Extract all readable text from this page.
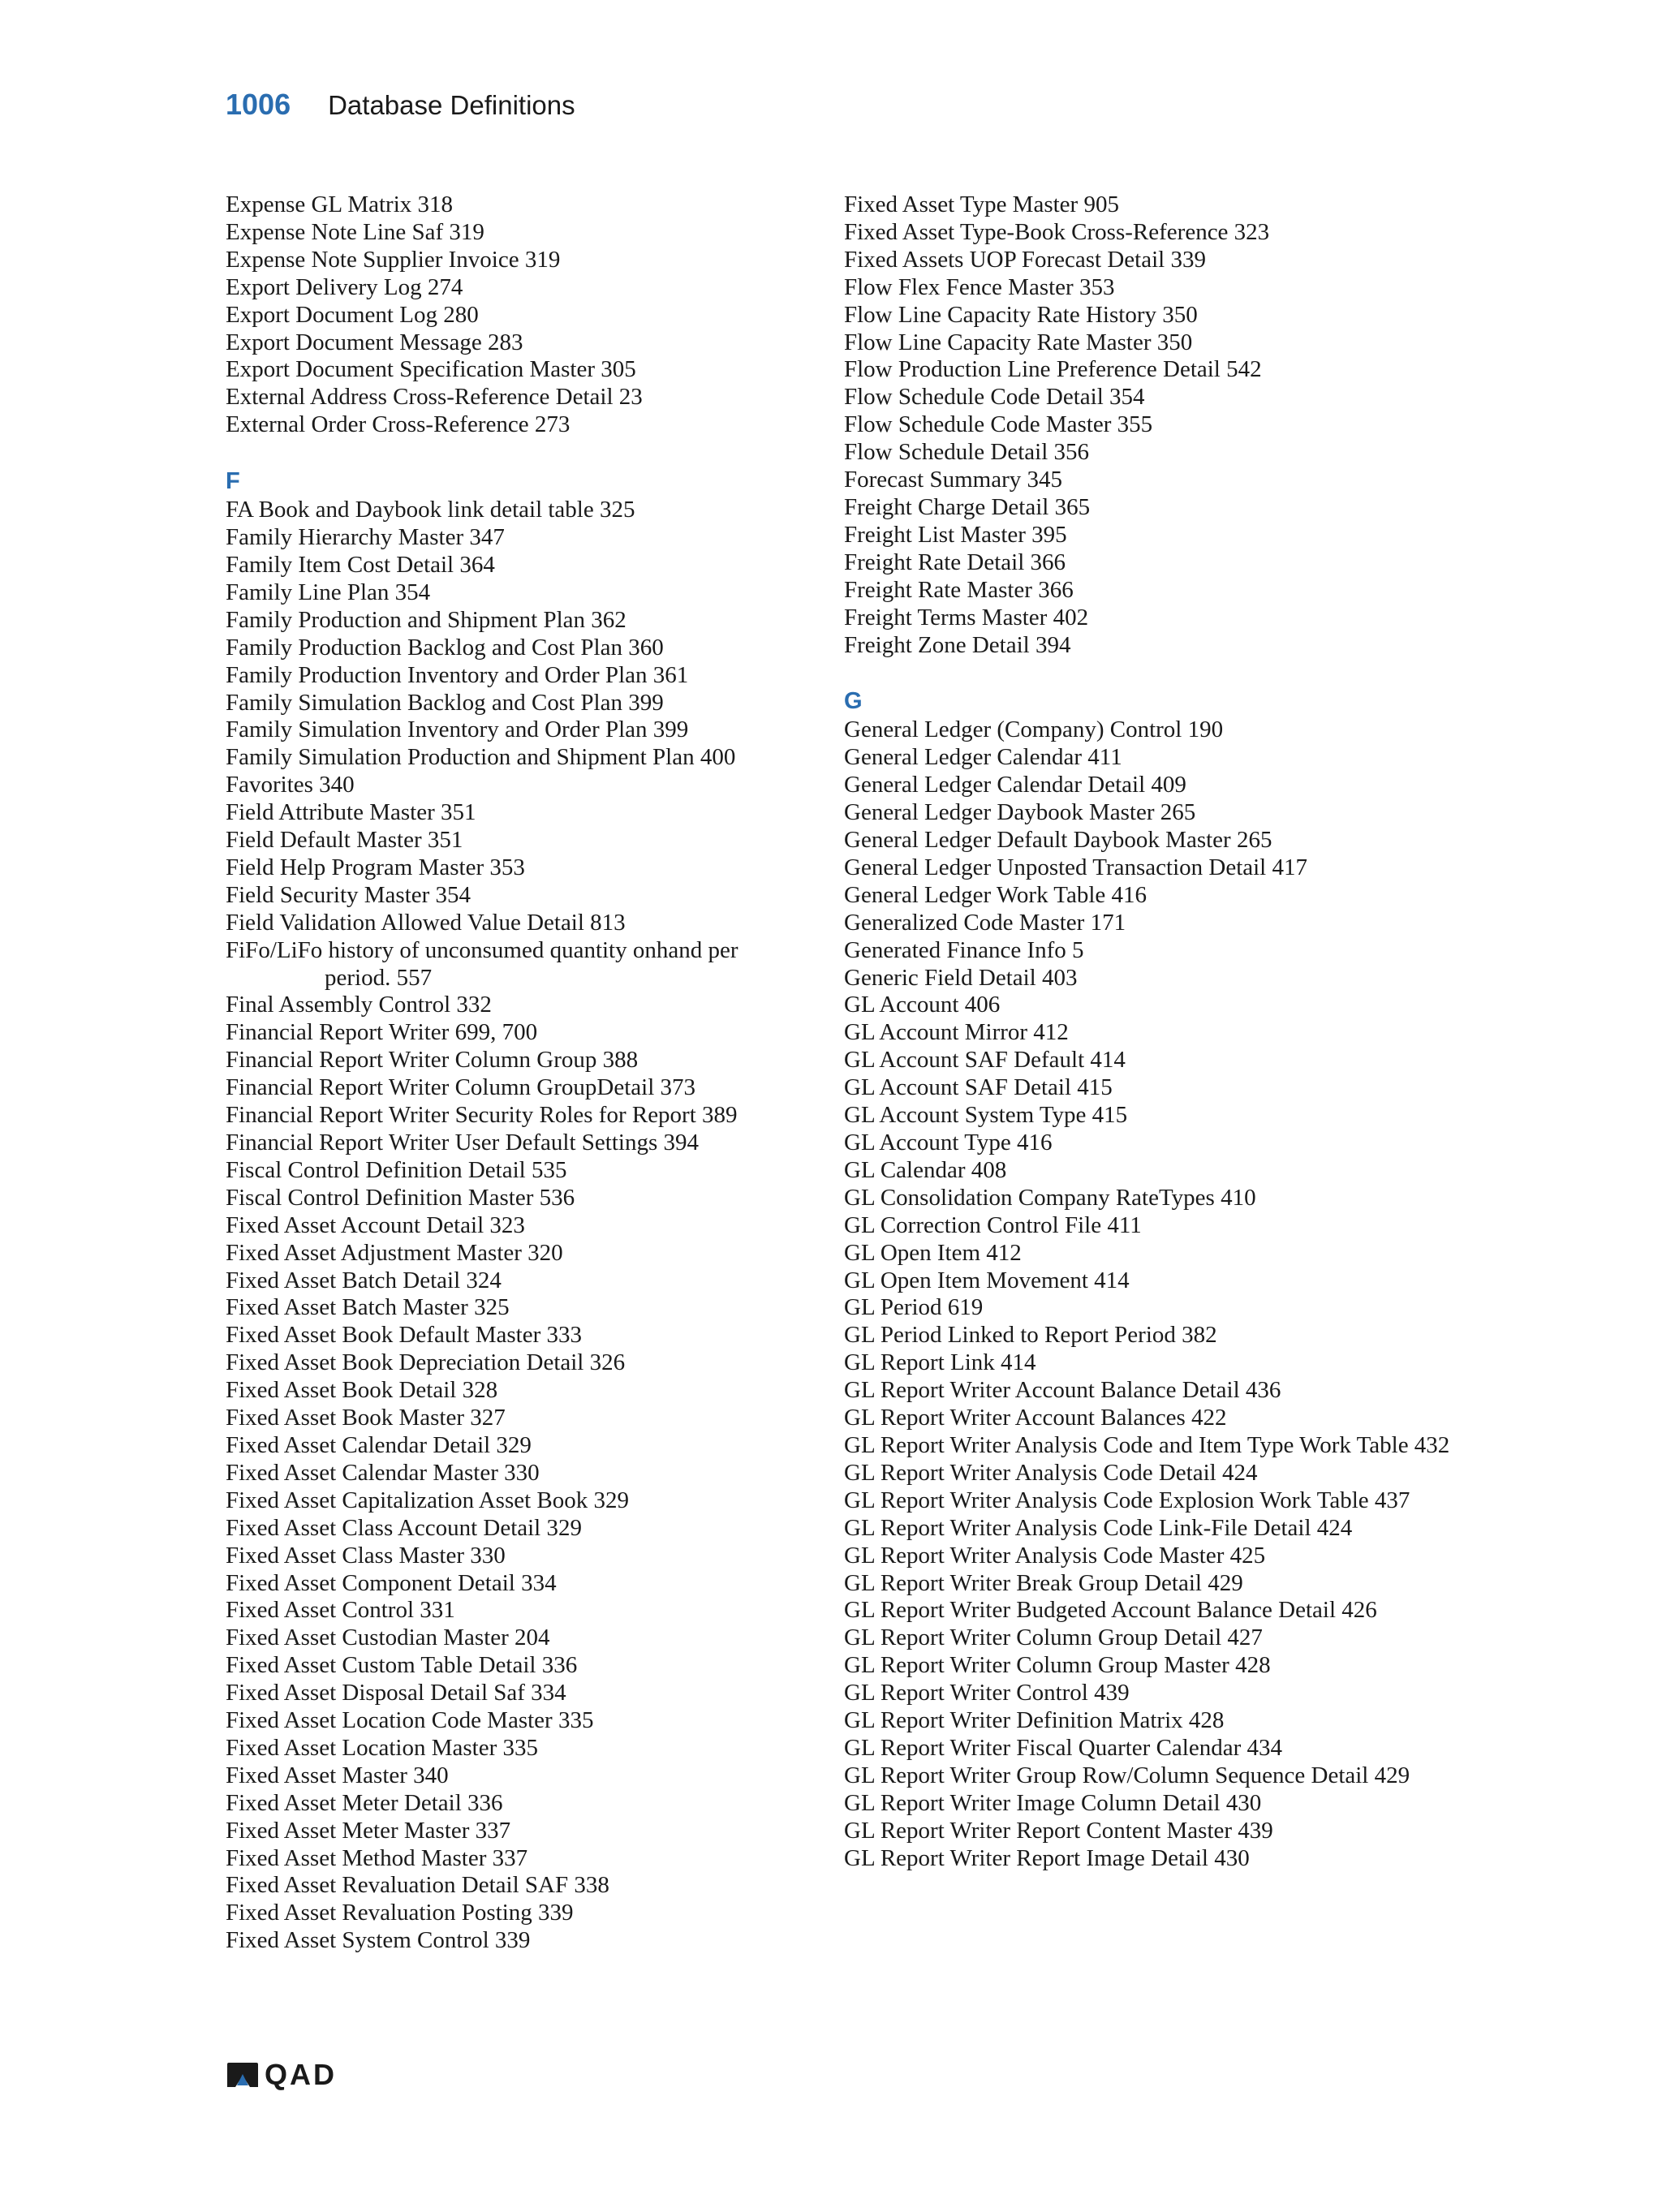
1006 Database Definitions
Expense GL Matrix 318
Expense Note Line Saf 319
Expense Note Supplier Invoice 319
Export Delivery Log 274
Export Document Log 280
Export Document Message 283
Export Document Specification Master 305
External Address Cross-Reference Detail 23
External Order Cross-Reference 273
F
FA Book and Daybook link detail table 325
Family Hierarchy Master 347
Family Item Cost Detail 364
Family Line Plan 354
Family Production and Shipment Plan 362
Family Production Backlog and Cost Plan 360
Family Production Inventory and Order Plan 361
Family Simulation Backlog and Cost Plan 399
Family Simulation Inventory and Order Plan 399
Family Simulation Production and Shipment Plan 400
Favorites 340
Field Attribute Master 351
Field Default Master 351
Field Help Program Master 353
Field Security Master 354
Field Validation Allowed Value Detail 813
FiFo/LiFo history of unconsumed quantity onhand per period. 557
Final Assembly Control 332
Financial Report Writer 699, 700
Financial Report Writer Column Group 388
Financial Report Writer Column GroupDetail 373
Financial Report Writer Security Roles for Report 389
Financial Report Writer User Default Settings 394
Fiscal Control Definition Detail 535
Fiscal Control Definition Master 536
Fixed Asset Account Detail 323
Fixed Asset Adjustment Master 320
Fixed Asset Batch Detail 324
Fixed Asset Batch Master 325
Fixed Asset Book Default Master 333
Fixed Asset Book Depreciation Detail 326
Fixed Asset Book Detail 328
Fixed Asset Book Master 327
Fixed Asset Calendar Detail 329
Fixed Asset Calendar Master 330
Fixed Asset Capitalization Asset Book 329
Fixed Asset Class Account Detail 329
Fixed Asset Class Master 330
Fixed Asset Component Detail 334
Fixed Asset Control 331
Fixed Asset Custodian Master 204
Fixed Asset Custom Table Detail 336
Fixed Asset Disposal Detail Saf 334
Fixed Asset Location Code Master 335
Fixed Asset Location Master 335
Fixed Asset Master 340
Fixed Asset Meter Detail 336
Fixed Asset Meter Master 337
Fixed Asset Method Master 337
Fixed Asset Revaluation Detail SAF 338
Fixed Asset Revaluation Posting 339
Fixed Asset System Control 339
Fixed Asset Type Master 905
Fixed Asset Type-Book Cross-Reference 323
Fixed Assets UOP Forecast Detail 339
Flow Flex Fence Master 353
Flow Line Capacity Rate History 350
Flow Line Capacity Rate Master 350
Flow Production Line Preference Detail 542
Flow Schedule Code Detail 354
Flow Schedule Code Master 355
Flow Schedule Detail 356
Forecast Summary 345
Freight Charge Detail 365
Freight List Master 395
Freight Rate Detail 366
Freight Rate Master 366
Freight Terms Master 402
Freight Zone Detail 394
G
General Ledger (Company) Control 190
General Ledger Calendar 411
General Ledger Calendar Detail 409
General Ledger Daybook Master 265
General Ledger Default Daybook Master 265
General Ledger Unposted Transaction Detail 417
General Ledger Work Table 416
Generalized Code Master 171
Generated Finance Info 5
Generic Field Detail 403
GL Account 406
GL Account Mirror 412
GL Account SAF Default 414
GL Account SAF Detail 415
GL Account System Type 415
GL Account Type 416
GL Calendar 408
GL Consolidation Company RateTypes 410
GL Correction Control File 411
GL Open Item 412
GL Open Item Movement 414
GL Period 619
GL Period Linked to Report Period 382
GL Report Link 414
GL Report Writer Account Balance Detail 436
GL Report Writer Account Balances 422
GL Report Writer Analysis Code and Item Type Work Table 432
GL Report Writer Analysis Code Detail 424
GL Report Writer Analysis Code Explosion Work Table 437
GL Report Writer Analysis Code Link-File Detail 424
GL Report Writer Analysis Code Master 425
GL Report Writer Break Group Detail 429
GL Report Writer Budgeted Account Balance Detail 426
GL Report Writer Column Group Detail 427
GL Report Writer Column Group Master 428
GL Report Writer Control 439
GL Report Writer Definition Matrix 428
GL Report Writer Fiscal Quarter Calendar 434
GL Report Writer Group Row/Column Sequence Detail 429
GL Report Writer Image Column Detail 430
GL Report Writer Report Content Master 439
GL Report Writer Report Image Detail 430
QAD
